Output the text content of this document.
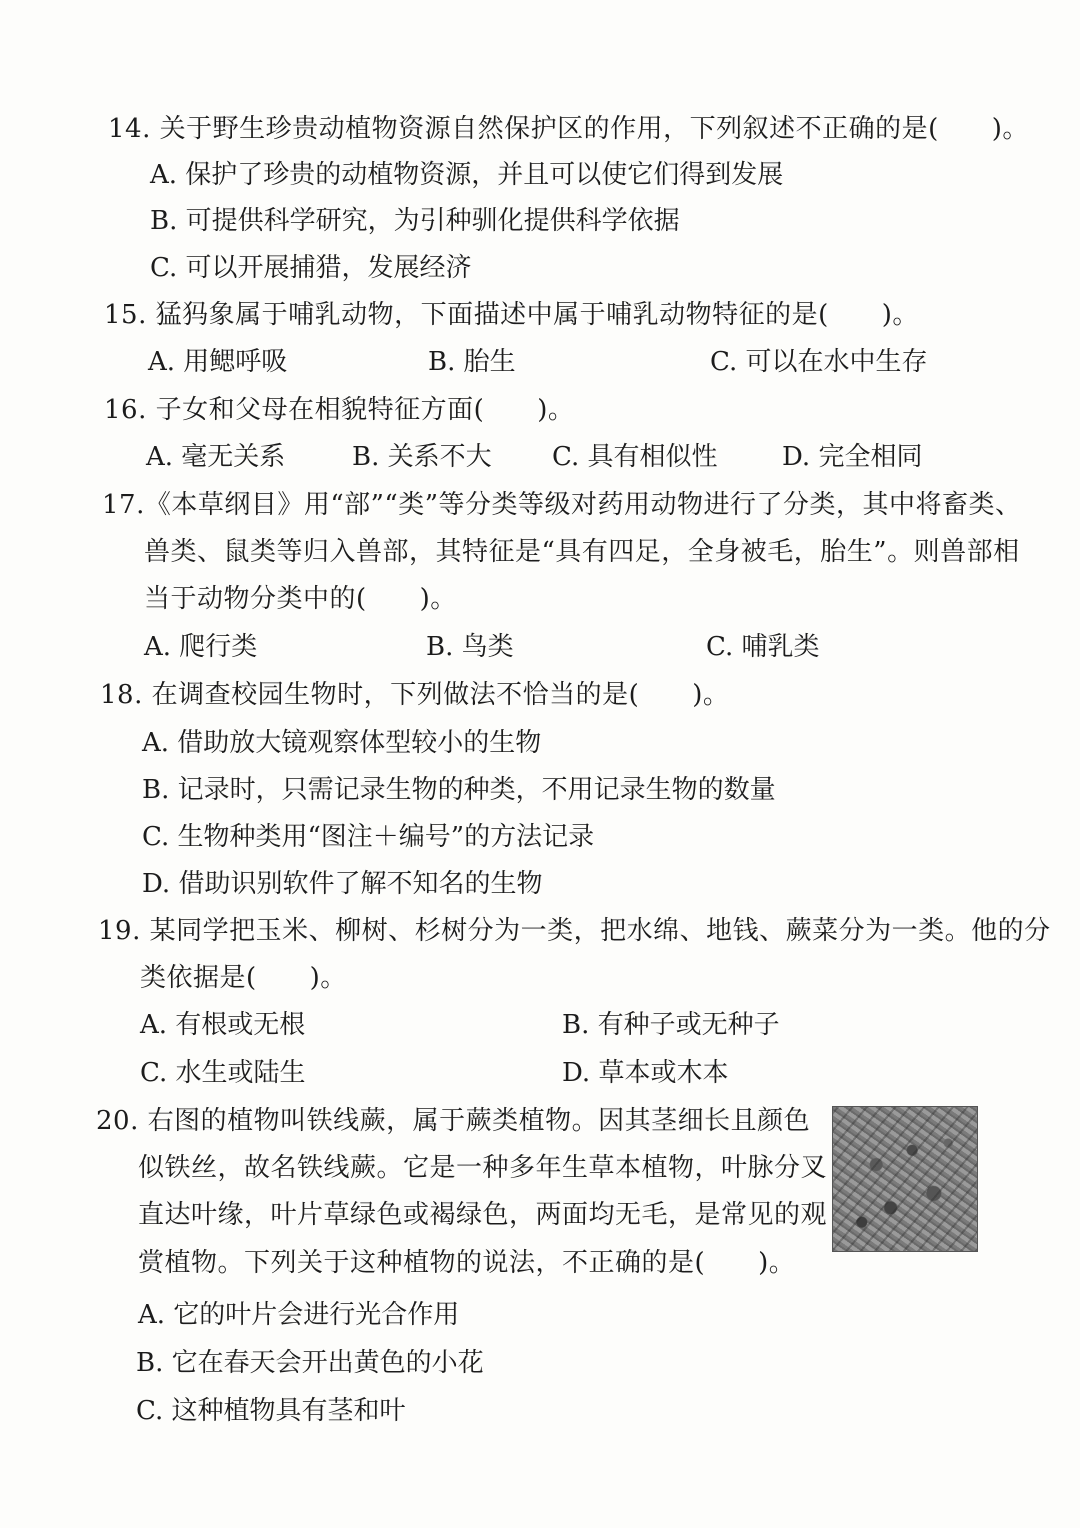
14. 关于野生珍贵动植物资源自然保护区的作用，下列叙述不正确的是(　　)。
A. 保护了珍贵的动植物资源，并且可以使它们得到发展
B. 可提供科学研究，为引种驯化提供科学依据
C. 可以开展捕猎，发展经济
15. 猛犸象属于哺乳动物，下面描述中属于哺乳动物特征的是(　　)。
A. 用鳃呼吸	B. 胎生	C. 可以在水中生存
16. 子女和父母在相貌特征方面(　　)。
A. 毫无关系	B. 关系不大 C. 具有相似性 D. 完全相同
17.《本草纲目》用“部”“类”等分类等级对药用动物进行了分类，其中将畜类、
兽类、鼠类等归入兽部，其特征是“具有四足，全身被毛，胎生”。则兽部相
当于动物分类中的(　　)。
A. 爬行类	B. 鸟类	C. 哺乳类
18. 在调查校园生物时，下列做法不恰当的是(　　)。
A. 借助放大镜观察体型较小的生物
B. 记录时，只需记录生物的种类，不用记录生物的数量
C. 生物种类用“图注＋编号”的方法记录
D. 借助识别软件了解不知名的生物
19. 某同学把玉米、柳树、杉树分为一类，把水绵、地钱、蕨菜分为一类。他的分
类依据是(　　)。
A. 有根或无根	B. 有种子或无种子
C. 水生或陆生	D. 草本或木本
20. 右图的植物叫铁线蕨，属于蕨类植物。因其茎细长且颜色
似铁丝，故名铁线蕨。它是一种多年生草本植物，叶脉分叉
直达叶缘，叶片草绿色或褐绿色，两面均无毛，是常见的观
赏植物。下列关于这种植物的说法，不正确的是(　　)。
A. 它的叶片会进行光合作用
B. 它在春天会开出黄色的小花
C. 这种植物具有茎和叶
